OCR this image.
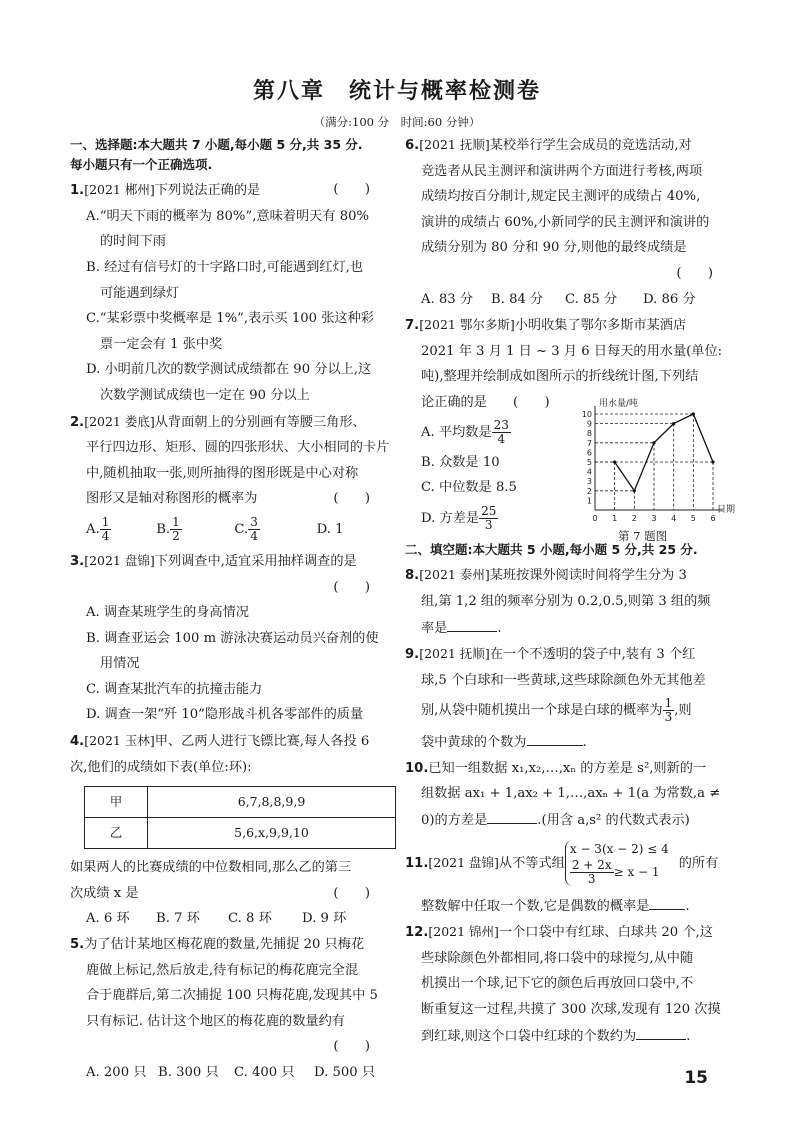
第八章　统计与概率检测卷
（满分:100 分　时间:60 分钟）

一、选择题:本大题共 7 小题,每小题 5 分,共 35 分.

每小题只有一个正确选项.

1.[2021 郴州]下列说法正确的是	(　　)

A.“明天下雨的概率为 80%”,意味着明天有 80%

的时间下雨

B. 经过有信号灯的十字路口时,可能遇到红灯,也

可能遇到绿灯

C.“某彩票中奖概率是 1%”,表示买 100 张这种彩

票一定会有 1 张中奖

D. 小明前几次的数学测试成绩都在 90 分以上,这

次数学测试成绩也一定在 90 分以上

2.[2021 娄底]从背面朝上的分别画有等腰三角形、

平行四边形、矩形、圆的四张形状、大小相同的卡片

中,随机抽取一张,则所抽得的图形既是中心对称

图形又是轴对称图形的概率为	(　　)

A. $\frac{1}{4}$	B. $\frac{1}{2}$	C. $\frac{3}{4}$	D. 1

3.[2021 盘锦]下列调查中,适宜采用抽样调查的是

(　　)

A. 调查某班学生的身高情况

B. 调查亚运会 100 m 游泳决赛运动员兴奋剂的使

用情况

C. 调查某批汽车的抗撞击能力

D. 调查一架“歼 10”隐形战斗机各零部件的质量

4.[2021 玉林]甲、乙两人进行飞镖比赛,每人各投 6

次,他们的成绩如下表(单位:环):

甲	6,7,8,8,9,9
乙	5,6,x,9,9,10

如果两人的比赛成绩的中位数相同,那么乙的第三

次成绩 x 是	(　　)

A. 6 环 B. 7 环 C. 8 环 D. 9 环

5.为了估计某地区梅花鹿的数量,先捕捉 20 只梅花

鹿做上标记,然后放走,待有标记的梅花鹿完全混

合于鹿群后,第二次捕捉 100 只梅花鹿,发现其中 5

只有标记. 估计这个地区的梅花鹿的数量约有

(　　)

A. 200 只 B. 300 只 C. 400 只 D. 500 只

6.[2021 抚顺]某校举行学生会成员的竞选活动,对

竞选者从民主测评和演讲两个方面进行考核,两项

成绩均按百分制计,规定民主测评的成绩占 40%,

演讲的成绩占 60%,小新同学的民主测评和演讲的

成绩分别为 80 分和 90 分,则他的最终成绩是

(　　)

A. 83 分 B. 84 分 C. 85 分 D. 86 分

7.[2021 鄂尔多斯]小明收集了鄂尔多斯市某酒店

2021 年 3 月 1 日 ~ 3 月 6 日每天的用水量(单位:

吨),整理并绘制成如图所示的折线统计图,下列结

论正确的是 (　　)

A. 平均数是 $\frac{23}{4}$

B. 众数是 10

C. 中位数是 8.5

D. 方差是 $\frac{25}{3}$

二、填空题:本大题共 5 小题,每小题 5 分,共 25 分.

8.[2021 泰州]某班按课外阅读时间将学生分为 3

组,第 1,2 组的频率分别为 0.2,0.5,则第 3 组的频

率是	.

9.[2021 抚顺]在一个不透明的袋子中,装有 3 个红

球,5 个白球和一些黄球,这些球除颜色外无其他差

别,从袋中随机摸出一个球是白球的概率为 $\frac{1}{3}$ ,则

袋中黄球的个数为	.

10.已知一组数据 x₁,x₂,…,xₙ 的方差是 s²,则新的一

组数据 ax₁ + 1,ax₂ + 1,…,axₙ + 1(a 为常数,a ≠

0)的方差是	.(用含 a,s² 的代数式表示)

11.[2021 盘锦]从不等式组
x − 3(x − 2) ≤ 4
$\frac{2 + 2x}{3} \ge x - 1$
的所有

整数解中任取一个数,它是偶数的概率是	.

12.[2021 锦州]一个口袋中有红球、白球共 20 个,这

些球除颜色外都相同,将口袋中的球搅匀,从中随

机摸出一个球,记下它的颜色后再放回口袋中,不

断重复这一过程,共摸了 300 次球,发现有 120 次摸

到红球,则这个口袋中红球的个数约为	.

用水量/吨
日期
1
2
3
4
5
6
7
8
9
10
0 1 2 3 4 5 6
第 7 题图
15
